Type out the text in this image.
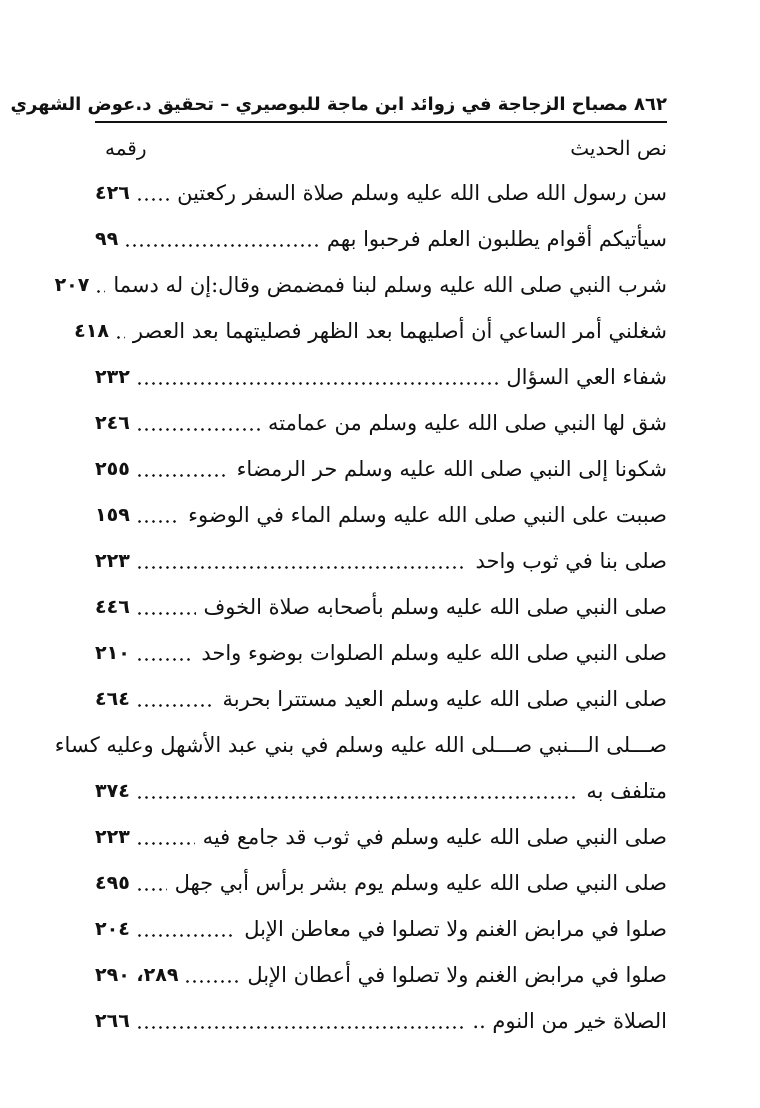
٨٦٢ مصباح الزجاجة في زوائد ابن ماجة للبوصيري – تحقيق د.عوض الشهري
نص الحديث
رقمه
سن رسول الله صلى الله عليه وسلم صلاة السفر ركعتين
٤٢٦
سيأتيكم أقوام يطلبون العلم فرحبوا بهم
٩٩
شرب النبي صلى الله عليه وسلم لبنا فمضمض وقال:إن له دسما
٢٠٧
شغلني أمر الساعي أن أصليهما بعد الظهر فصليتهما بعد العصر
٤١٨
شفاء العي السؤال
٢٣٢
شق لها النبي صلى الله عليه وسلم من عمامته
٢٤٦
شكونا إلى النبي صلى الله عليه وسلم حر الرمضاء
٢٥٥
صببت على النبي صلى الله عليه وسلم الماء في الوضوء
١٥٩
صلى بنا في ثوب واحد
٢٢٣
صلى النبي صلى الله عليه وسلم بأصحابه صلاة الخوف
٤٤٦
صلى النبي صلى الله عليه وسلم الصلوات بوضوء واحد
٢١٠
صلى النبي صلى الله عليه وسلم العيد مستترا بحربة
٤٦٤
صـــلى الـــنبي صـــلى الله عليه وسلم في بني عبد الأشهل وعليه كساء
متلفف به
٣٧٤
صلى النبي صلى الله عليه وسلم في ثوب قد جامع فيه
٢٢٣
صلى النبي صلى الله عليه وسلم يوم بشر برأس أبي جهل
٤٩٥
صلوا في مرابض الغنم ولا تصلوا في معاطن الإبل
٢٠٤
صلوا في مرابض الغنم ولا تصلوا في أعطان الإبل
٢٨٩، ٢٩٠
الصلاة خير من النوم ..
٢٦٦
